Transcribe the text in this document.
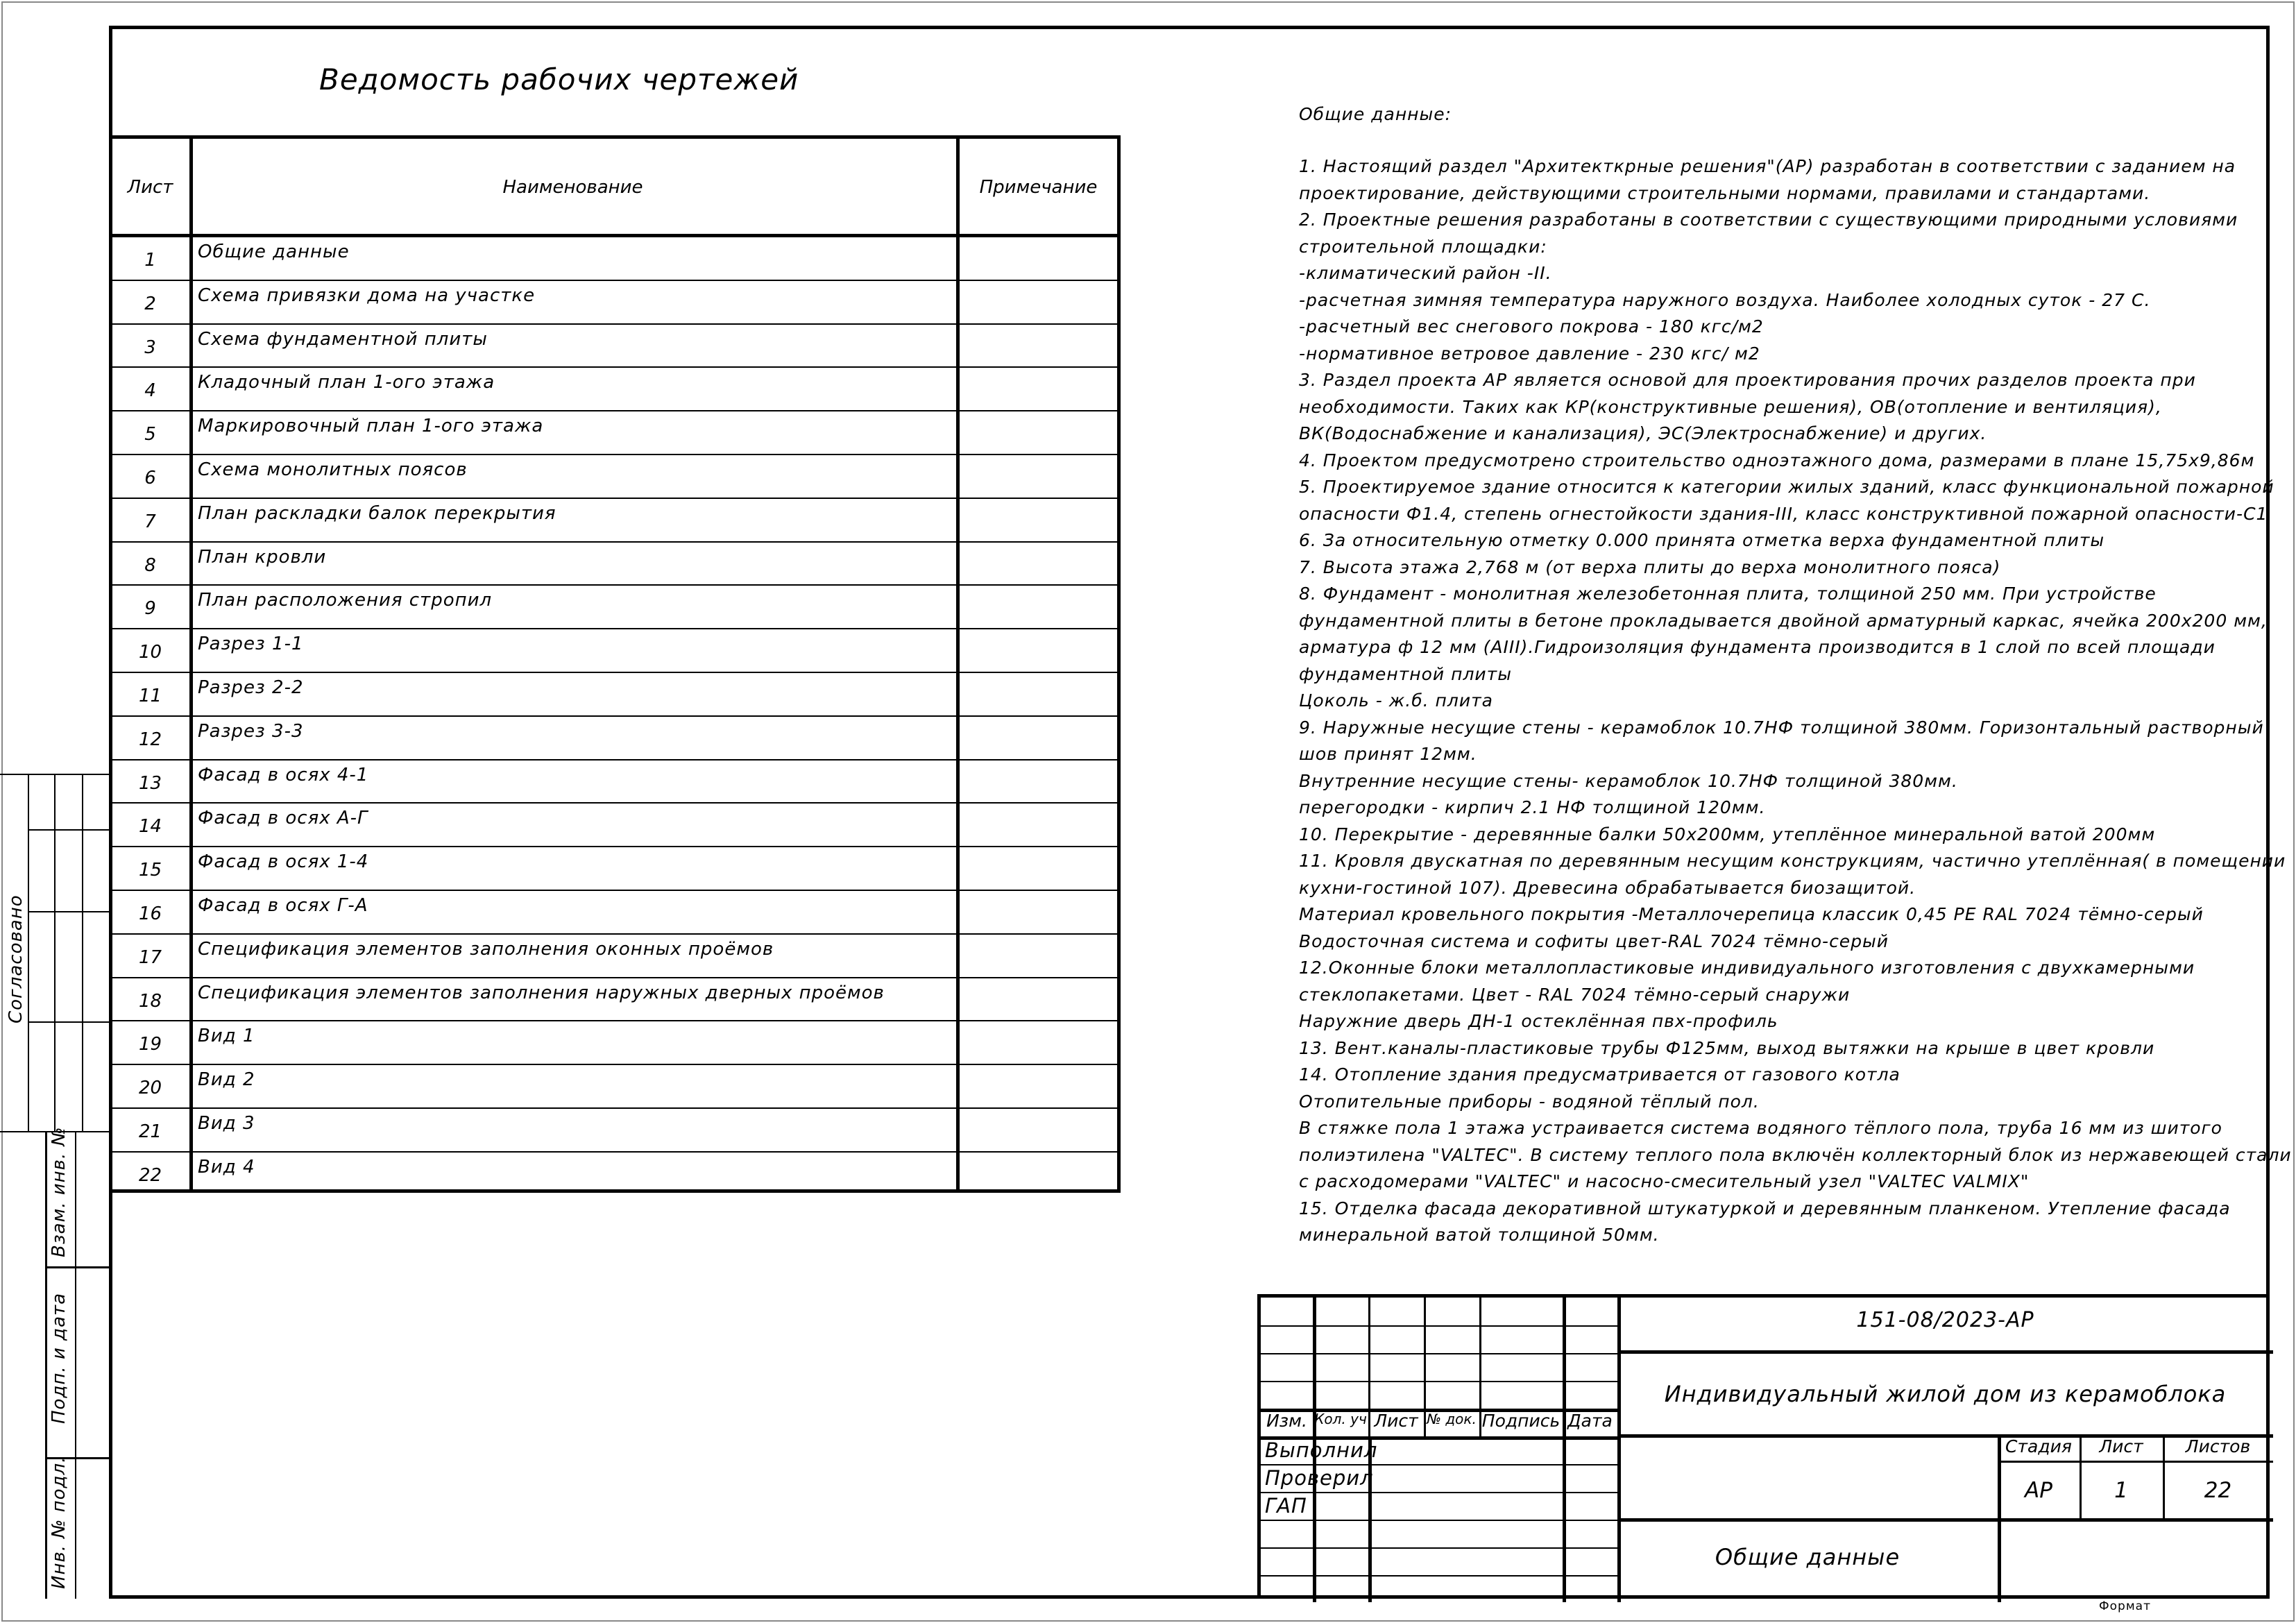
Ведомость рабочих чертежей
Лист	Наименование	Примечание
1	Общие данные
2	Схема привязки дома на участке
3	Схема фундаментной плиты
4	Кладочный план 1-ого этажа
5	Маркировочный план 1-ого этажа
6	Схема монолитных поясов
7	План раскладки балок перекрытия
8	План кровли
9	План расположения стропил
10	Разрез 1-1
11	Разрез 2-2
12	Разрез 3-3
13	Фасад в осях 4-1
14	Фасад в осях А-Г
15	Фасад в осях 1-4
16	Фасад в осях Г-А
17	Спецификация элементов заполнения оконных проёмов
18	Спецификация элементов заполнения наружных дверных проёмов
19	Вид 1
20	Вид 2
21	Вид 3
22	Вид 4
Общие данные:
1. Настоящий раздел "Архитекткрные решения"(АР) разработан в соответствии с заданием на
проектирование, действующими строительными нормами, правилами и стандартами.
2. Проектные решения разработаны в соответствии с существующими природными условиями
строительной площадки:
-климатический район -II.
-расчетная зимняя температура наружного воздуха. Наиболее холодных суток - 27 С.
-расчетный вес снегового покрова - 180 кгс/м2
-нормативное ветровое давление - 230 кгс/ м2
3. Раздел проекта АР является основой для проектирования прочих разделов проекта при
необходимости. Таких как КР(конструктивные решения), ОВ(отопление и вентиляция),
ВК(Водоснабжение и канализация), ЭС(Электроснабжение) и других.
4. Проектом предусмотрено строительство одноэтажного дома, размерами в плане 15,75х9,86м
5. Проектируемое здание относится к категории жилых зданий, класс функциональной пожарной
опасности Ф1.4, степень огнестойкости здания-III, класс конструктивной пожарной опасности-С1
6. За относительную отметку 0.000 принята отметка верха фундаментной плиты
7. Высота этажа 2,768 м (от верха плиты до верха монолитного пояса)
8. Фундамент - монолитная железобетонная плита, толщиной 250 мм. При устройстве
фундаментной плиты в бетоне прокладывается двойной арматурный каркас, ячейка 200х200 мм,
арматура ф 12 мм (АIII).Гидроизоляция фундамента производится в 1 слой по всей площади
фундаментной плиты
Цоколь - ж.б. плита
9. Наружные несущие стены - керамоблок 10.7НФ толщиной 380мм. Горизонтальный растворный
шов принят 12мм.
Внутренние несущие стены- керамоблок 10.7НФ толщиной 380мм.
перегородки - кирпич 2.1 НФ толщиной 120мм.
10. Перекрытие - деревянные балки 50х200мм, утеплённое минеральной ватой 200мм
11. Кровля двускатная по деревянным несущим конструкциям, частично утеплённая( в помещении
кухни-гостиной 107). Древесина обрабатывается биозащитой.
Материал кровельного покрытия -Металлочерепица классик 0,45 PE RAL 7024 тёмно-серый
Водосточная система и софиты цвет-RAL 7024 тёмно-серый
12.Оконные блоки металлопластиковые индивидуального изготовления с двухкамерными
стеклопакетами. Цвет - RAL 7024 тёмно-серый снаружи
Наружние дверь ДН-1 остеклённая пвх-профиль
13. Вент.каналы-пластиковые трубы Ф125мм, выход вытяжки на крыше в цвет кровли
14. Отопление здания предусматривается от газового котла
Отопительные приборы - водяной тёплый пол.
В стяжке пола 1 этажа устраивается система водяного тёплого пола, труба 16 мм из шитого
полиэтилена "VALTEC". В систему теплого пола включён коллекторный блок из нержавеющей стали
с расходомерами "VALTEC" и насосно-смесительный узел "VALTEC VALMIX"
15. Отделка фасада декоративной штукатуркой и деревянным планкеном. Утепление фасада
минеральной ватой толщиной 50мм.
Согласовано
Взам. инв. №
Подп. и дата
Инв. № подл.
Изм. Кол. уч Лист № док. Подпись Дата
Выполнил
Проверил
ГАП
151-08/2023-АР
Индивидуальный жилой дом из керамоблока
Общие данные
Стадия	Лист	Листов
АР	1	22
Формат
